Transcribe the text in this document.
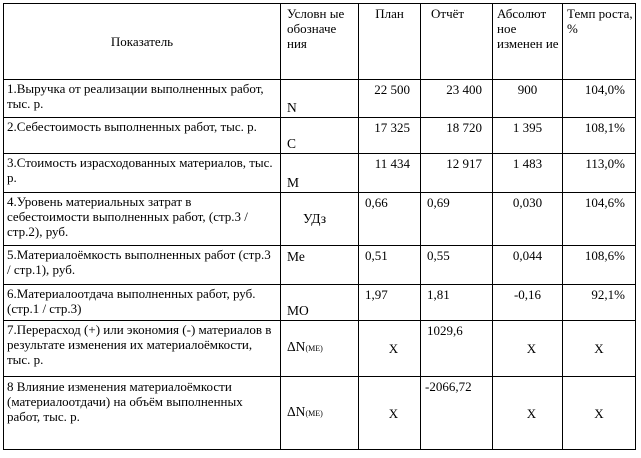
Показатель	Условн ые обозначе ния	План	Отчёт	Абсолют ное изменен ие	Темп роста, %
1.Выручка от реализации выполненных работ, тыс. р.	N	22 500	23 400	900	104,0%
2.Себестоимость выполненных работ, тыс. р.	C	17 325	18 720	1 395	108,1%
3.Стоимость израсходованных материалов, тыс. р.	M	11 434	12 917	1 483	113,0%
4.Уровень материальных затрат в себестоимости выполненных работ, (стр.3 / стр.2), руб.	УДз	0,66	0,69	0,030	104,6%
5.Материалоёмкость выполненных работ (стр.3 / стр.1), руб.	Ме	0,51	0,55	0,044	108,6%
6.Материалоотдача выполненных работ, руб. (стр.1 / стр.3)	МО	1,97	1,81	-0,16	92,1%
7.Перерасход (+) или экономия (-) материалов в результате изменения их материалоёмкости, тыс. р.	ΔN(МЕ)	X	1029,6	X	X
8 Влияние изменения материалоёмкости (материалоотдачи) на объём выполненных работ, тыс. р.	ΔN(МЕ)	X	-2066,72	X	X
